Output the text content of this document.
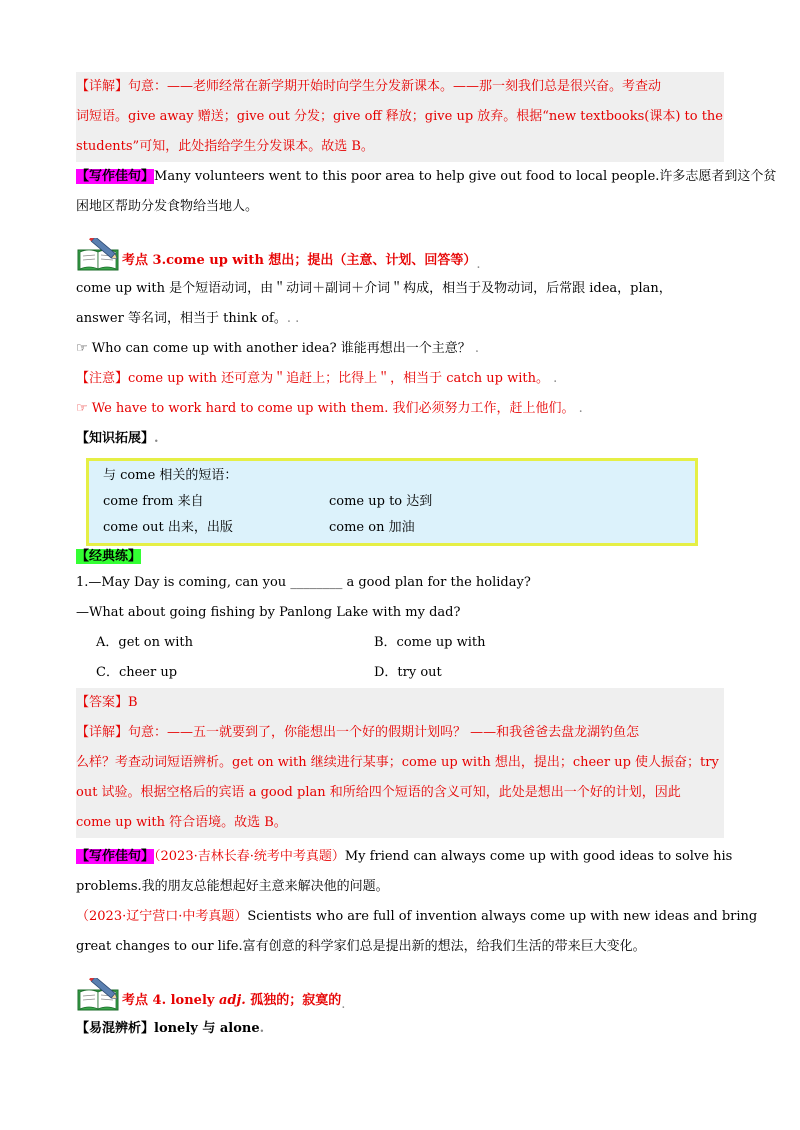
【详解】句意：——老师经常在新学期开始时向学生分发新课本。——那一刻我们总是很兴奋。考查动

词短语。give away 赠送；give out 分发；give off 释放；give up 放弃。根据“new textbooks(课本) to the

students”可知，此处指给学生分发课本。故选 B。

【写作佳句】Many volunteers went to this poor area to help give out food to local people.许多志愿者到这个贫

困地区帮助分发食物给当地人。

考点 3.come up with 想出；提出（主意、计划、回答等） .

come up with 是个短语动词，由＂动词＋副词＋介词＂构成，相当于及物动词，后常跟 idea，plan，

answer 等名词，相当于 think of。. .

☞ Who can come up with another idea? 谁能再想出一个主意？ .

【注意】come up with 还可意为＂追赶上；比得上＂，相当于 catch up with。 .

☞ We have to work hard to come up with them. 我们必须努力工作，赶上他们。 .

【知识拓展】.

与 come 相关的短语：
come from 来自	come up to 达到
come out 出来，出版	come on 加油

【经典练】

1.—May Day is coming, can you ________ a good plan for the holiday?

—What about going fishing by Panlong Lake with my dad?

A．get on with	B．come up with
C．cheer up	D．try out

【答案】B

【详解】句意：——五一就要到了，你能想出一个好的假期计划吗？ ——和我爸爸去盘龙湖钓鱼怎

么样？考查动词短语辨析。get on with 继续进行某事；come up with 想出，提出；cheer up 使人振奋；try

out 试验。根据空格后的宾语 a good plan 和所给四个短语的含义可知，此处是想出一个好的计划，因此

come up with 符合语境。故选 B。

【写作佳句】（2023·吉林长春·统考中考真题）My friend can always come up with good ideas to solve his

problems.我的朋友总能想起好主意来解决他的问题。

（2023·辽宁营口·中考真题）Scientists who are full of invention always come up with new ideas and bring

great changes to our life.富有创意的科学家们总是提出新的想法，给我们生活的带来巨大变化。

考点 4. lonely adj. 孤独的；寂寞的 .

【易混辨析】lonely 与 alone.
